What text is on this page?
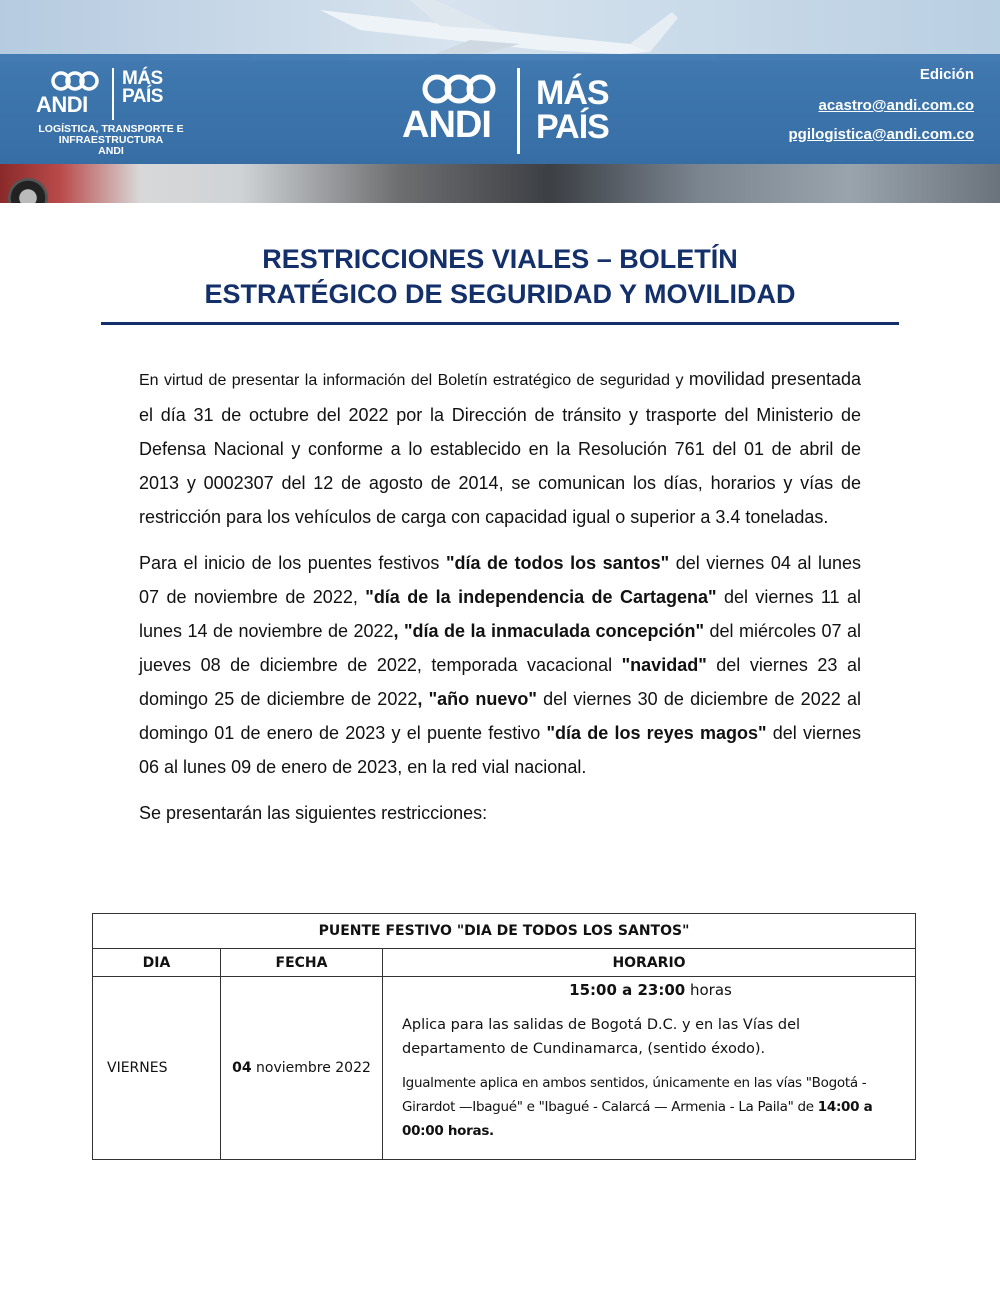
ANDI
MÁS
PAÍS
LOGÍSTICA, TRANSPORTE E
INFRAESTRUCTURA
ANDI
ANDI
MÁS
PAÍS
Edición
acastro@andi.com.co
pgilogistica@andi.com.co
RESTRICCIONES VIALES – BOLETÍN
ESTRATÉGICO DE SEGURIDAD Y MOVILIDAD

En virtud de presentar la información del Boletín estratégico de seguridad y movilidad presentada el día 31 de octubre del 2022 por la Dirección de tránsito y trasporte del Ministerio de Defensa Nacional y conforme a lo establecido en la Resolución 761 del 01 de abril de 2013 y 0002307 del 12 de agosto de 2014, se comunican los días, horarios y vías de restricción para los vehículos de carga con capacidad igual o superior a 3.4 toneladas.

Para el inicio de los puentes festivos "día de todos los santos" del viernes 04 al lunes 07 de noviembre de 2022, "día de la independencia de Cartagena" del viernes 11 al lunes 14 de noviembre de 2022, "día de la inmaculada concepción" del miércoles 07 al jueves 08 de diciembre de 2022, temporada vacacional "navidad" del viernes 23 al domingo 25 de diciembre de 2022, "año nuevo" del viernes 30 de diciembre de 2022 al domingo 01 de enero de 2023 y el puente festivo "día de los reyes magos" del viernes 06 al lunes 09 de enero de 2023, en la red vial nacional.

Se presentarán las siguientes restricciones:

PUENTE FESTIVO "DIA DE TODOS LOS SANTOS"		
DIA	FECHA	HORARIO
VIERNES	04 noviembre 2022	15:00 a 23:00 horas
Aplica para las salidas de Bogotá D.C. y en las Vías del departamento de Cundinamarca, (sentido éxodo).
Igualmente aplica en ambos sentidos, únicamente en las vías "Bogotá - Girardot —Ibagué" e "Ibagué - Calarcá — Armenia - La Paila" de 14:00 a 00:00 horas.
